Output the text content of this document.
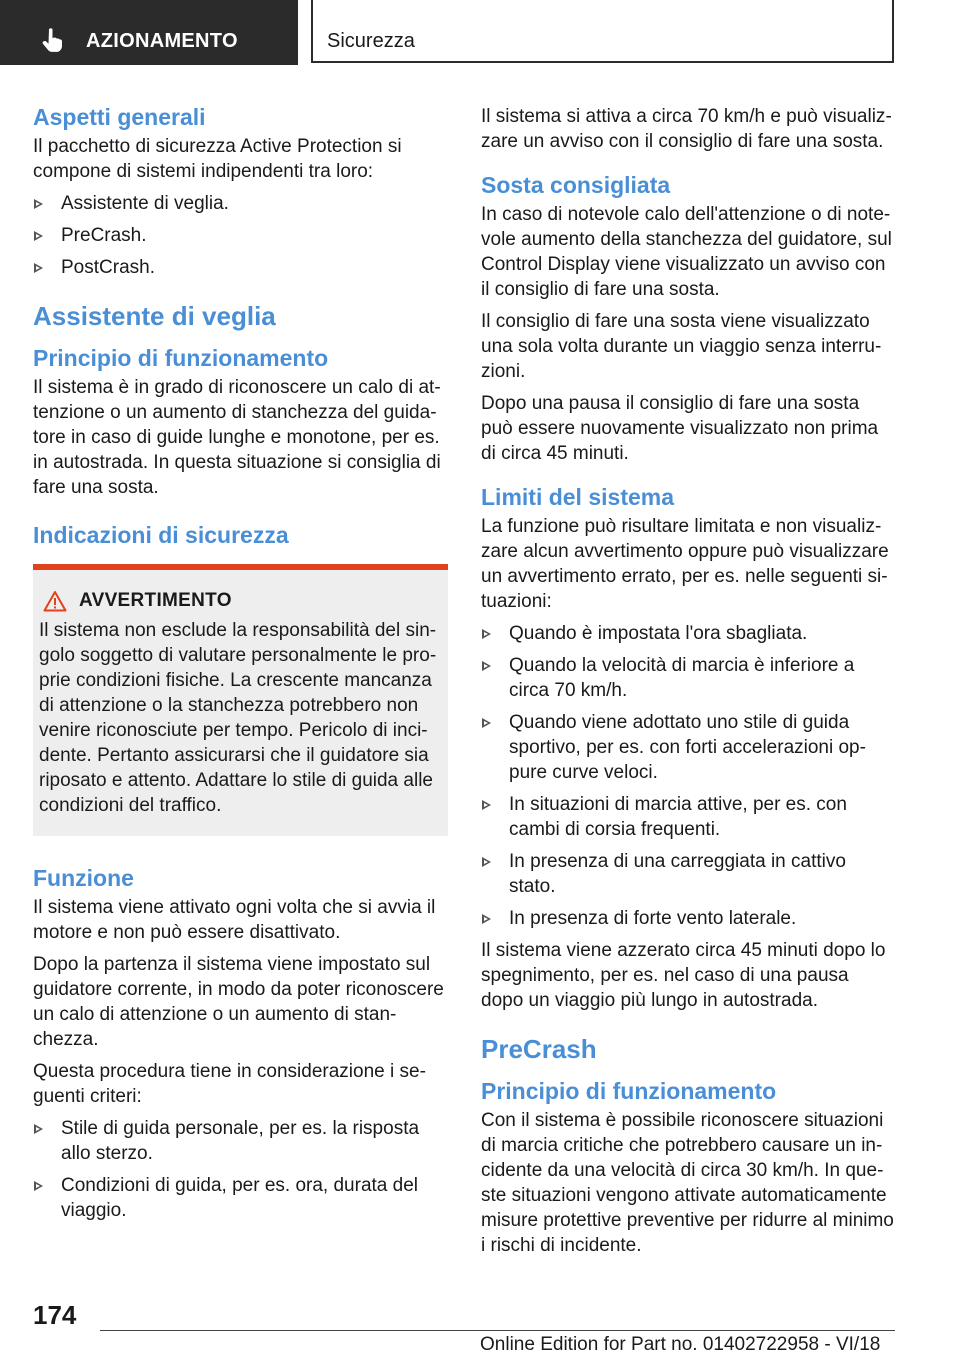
AZIONAMENTO	Sicurezza
Aspetti generali

Il pacchetto di sicurezza Active Protection si compone di sistemi indipendenti tra loro:

Assistente di veglia.
PreCrash.
PostCrash.
Assistente di veglia
Principio di funzionamento

Il sistema è in grado di riconoscere un calo di attenzione o un aumento di stanchezza del guidatore in caso di guide lunghe e monotone, per es. in autostrada. In questa situazione si consiglia di fare una sosta.

Indicazioni di sicurezza
AVVERTIMENTO

Il sistema non esclude la responsabilità del singolo soggetto di valutare personalmente le proprie condizioni fisiche. La crescente mancanza di attenzione o la stanchezza potrebbero non venire riconosciute per tempo. Pericolo di incidente. Pertanto assicurarsi che il guidatore sia riposato e attento. Adattare lo stile di guida alle condizioni del traffico.

Funzione

Il sistema viene attivato ogni volta che si avvia il motore e non può essere disattivato.

Dopo la partenza il sistema viene impostato sul guidatore corrente, in modo da poter riconoscere un calo di attenzione o un aumento di stanchezza.

Questa procedura tiene in considerazione i seguenti criteri:

Stile di guida personale, per es. la risposta allo sterzo.
Condizioni di guida, per es. ora, durata del viaggio.

Il sistema si attiva a circa 70 km/h e può visualizzare un avviso con il consiglio di fare una sosta.

Sosta consigliata

In caso di notevole calo dell'attenzione o di notevole aumento della stanchezza del guidatore, sul Control Display viene visualizzato un avviso con il consiglio di fare una sosta.

Il consiglio di fare una sosta viene visualizzato una sola volta durante un viaggio senza interruzioni.

Dopo una pausa il consiglio di fare una sosta può essere nuovamente visualizzato non prima di circa 45 minuti.

Limiti del sistema

La funzione può risultare limitata e non visualizzare alcun avvertimento oppure può visualizzare un avvertimento errato, per es. nelle seguenti situazioni:

Quando è impostata l'ora sbagliata.
Quando la velocità di marcia è inferiore a circa 70 km/h.
Quando viene adottato uno stile di guida sportivo, per es. con forti accelerazioni oppure curve veloci.
In situazioni di marcia attive, per es. con cambi di corsia frequenti.
In presenza di una carreggiata in cattivo stato.
In presenza di forte vento laterale.

Il sistema viene azzerato circa 45 minuti dopo lo spegnimento, per es. nel caso di una pausa dopo un viaggio più lungo in autostrada.

PreCrash
Principio di funzionamento

Con il sistema è possibile riconoscere situazioni di marcia critiche che potrebbero causare un incidente da una velocità di circa 30 km/h. In queste situazioni vengono attivate automaticamente misure protettive preventive per ridurre al minimo i rischi di incidente.

174
Online Edition for Part no. 01402722958 - VI/18
